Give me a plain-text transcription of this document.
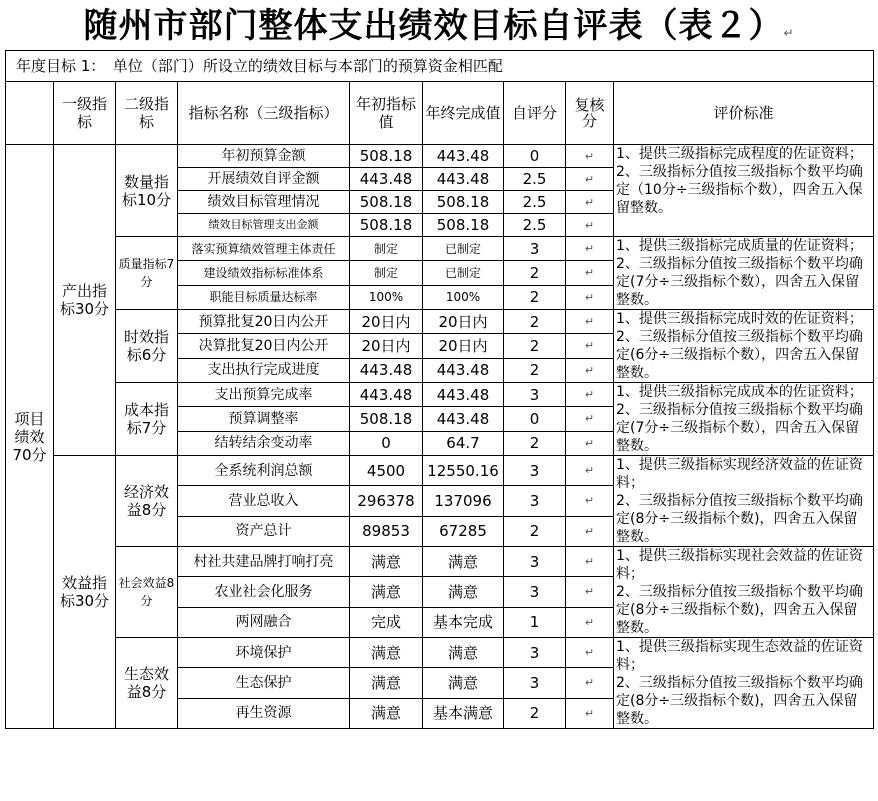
随州市部门整体支出绩效目标自评表（表２）↵
年度目标 1：　单位（部门）所设立的绩效目标与本部门的预算资金相匹配								
	一级指标	二级指标	指标名称（三级指标）	年初指标值	年终完成值	自评分	复核分	评价标准
项目绩效70分	产出指标30分	数量指标10分	年初预算金额	508.18	443.48	0	↵	1、提供三级指标完成程度的佐证资料；
2、三级指标分值按三级指标个数平均确定（10分÷三级指标个数），四舍五入保留整数。
			开展绩效自评金额	443.48	443.48	2.5	↵	
			绩效目标管理情况	508.18	508.18	2.5	↵	
			绩效目标管理支出金额	508.18	508.18	2.5	↵	
		质量指标7分	落实预算绩效管理主体责任	制定	已制定	3	↵	1、提供三级指标完成质量的佐证资料；
2、三级指标分值按三级指标个数平均确定(7分÷三级指标个数），四舍五入保留整数。
			建设绩效指标标准体系	制定	已制定	2	↵	
			职能目标质量达标率	100%	100%	2	↵	
		时效指标6分	预算批复20日内公开	20日内	20日内	2	↵	1、提供三级指标完成时效的佐证资料；
2、三级指标分值按三级指标个数平均确定(6分÷三级指标个数），四舍五入保留整数。
			决算批复20日内公开	20日内	20日内	2	↵	
			支出执行完成进度	443.48	443.48	2	↵	
		成本指标7分	支出预算完成率	443.48	443.48	3	↵	1、提供三级指标完成成本的佐证资料；
2、三级指标分值按三级指标个数平均确定(7分÷三级指标个数），四舍五入保留整数。
			预算调整率	508.18	443.48	0	↵	
			结转结余变动率	0	64.7	2	↵	
	效益指标30分	经济效益8分	全系统利润总额	4500	12550.16	3	↵	1、提供三级指标实现经济效益的佐证资料；
2、三级指标分值按三级指标个数平均确定(8分÷三级指标个数)，四舍五入保留整数。
			营业总收入	296378	137096	3	↵	
			资产总计	89853	67285	2	↵	
		社会效益8分	村社共建品牌打响打亮	满意	满意	3	↵	1、提供三级指标实现社会效益的佐证资料；
2、三级指标分值按三级指标个数平均确定(8分÷三级指标个数)，四舍五入保留整数。
			农业社会化服务	满意	满意	3	↵	
			两网融合	完成	基本完成	1	↵	
		生态效益8分	环境保护	满意	满意	3	↵	1、提供三级指标实现生态效益的佐证资料；
2、三级指标分值按三级指标个数平均确定(8分÷三级指标个数)，四舍五入保留整数。
			生态保护	满意	满意	3	↵	
			再生资源	满意	基本满意	2	↵	
